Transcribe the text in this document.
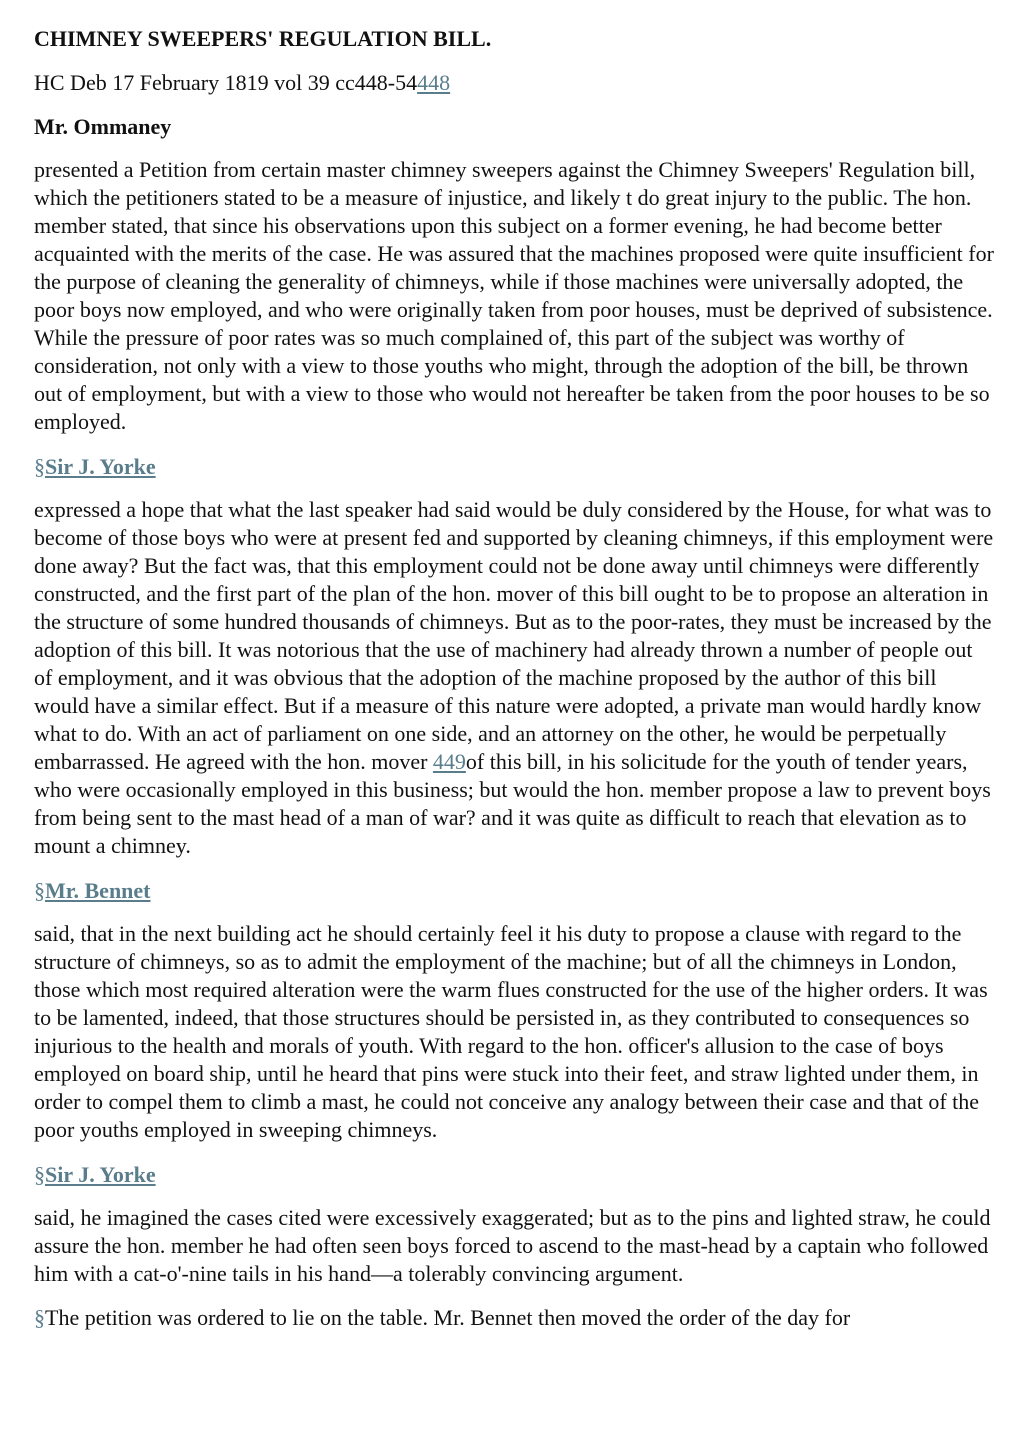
CHIMNEY SWEEPERS' REGULATION BILL.
HC Deb 17 February 1819 vol 39 cc448-54448
Mr. Ommaney

presented a Petition from certain master chimney sweepers against the Chimney Sweepers' Regulation bill, which the petitioners stated to be a measure of injustice, and likely t do great injury to the public. The hon. member stated, that since his observations upon this subject on a former evening, he had become better acquainted with the merits of the case. He was assured that the machines proposed were quite insufficient for the purpose of cleaning the generality of chimneys, while if those machines were universally adopted, the poor boys now employed, and who were originally taken from poor houses, must be deprived of subsistence. While the pressure of poor rates was so much complained of, this part of the subject was worthy of consideration, not only with a view to those youths who might, through the adoption of the bill, be thrown out of employment, but with a view to those who would not hereafter be taken from the poor houses to be so employed.

§Sir J. Yorke

expressed a hope that what the last speaker had said would be duly considered by the House, for what was to become of those boys who were at present fed and supported by cleaning chimneys, if this employment were done away? But the fact was, that this employment could not be done away until chimneys were differently constructed, and the first part of the plan of the hon. mover of this bill ought to be to propose an alteration in the structure of some hundred thousands of chimneys. But as to the poor-rates, they must be increased by the adoption of this bill. It was notorious that the use of machinery had already thrown a number of people out of employment, and it was obvious that the adoption of the machine proposed by the author of this bill would have a similar effect. But if a measure of this nature were adopted, a private man would hardly know what to do. With an act of parliament on one side, and an attorney on the other, he would be perpetually embarrassed. He agreed with the hon. mover 449of this bill, in his solicitude for the youth of tender years, who were occasionally employed in this business; but would the hon. member propose a law to prevent boys from being sent to the mast head of a man of war? and it was quite as difficult to reach that elevation as to mount a chimney.

§Mr. Bennet

said, that in the next building act he should certainly feel it his duty to propose a clause with regard to the structure of chimneys, so as to admit the employment of the machine; but of all the chimneys in London, those which most required alteration were the warm flues constructed for the use of the higher orders. It was to be lamented, indeed, that those structures should be persisted in, as they contributed to consequences so injurious to the health and morals of youth. With regard to the hon. officer's allusion to the case of boys employed on board ship, until he heard that pins were stuck into their feet, and straw lighted under them, in order to compel them to climb a mast, he could not conceive any analogy between their case and that of the poor youths employed in sweeping chimneys.

§Sir J. Yorke

said, he imagined the cases cited were excessively exaggerated; but as to the pins and lighted straw, he could assure the hon. member he had often seen boys forced to ascend to the mast-head by a captain who followed him with a cat-o'-nine tails in his hand—a tolerably convincing argument.

§The petition was ordered to lie on the table. Mr. Bennet then moved the order of the day for
